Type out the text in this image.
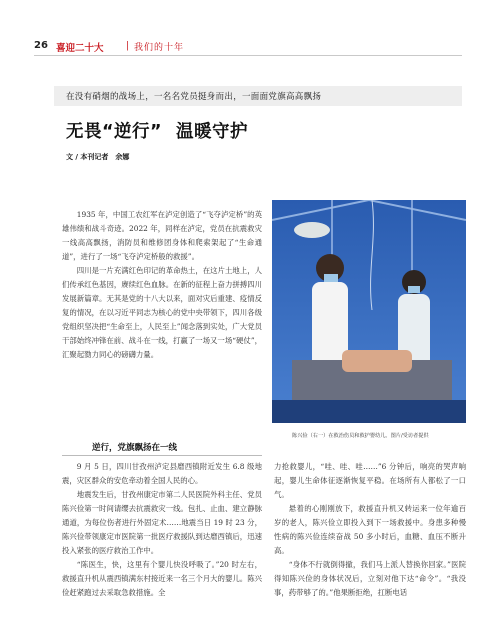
26 喜迎二十大 | 我们的十年
在没有硝烟的战场上，一名名党员挺身而出，一面面党旗高高飘扬
无畏“逆行” 温暖守护
文 / 本刊记者　余娜

1935 年，中国工农红军在泸定创造了“飞夺泸定桥”的英雄伟绩和战斗奇迹。2022 年，同样在泸定，党员在抗震救灾一线高高飘扬，消防员和维修团身体和爬索架起了“生命通道”，进行了一场“飞夺泸定桥般的救援”。

四川是一片充满红色印记的革命热土，在这片土地上，人们传承红色基因，赓续红色血脉。在新的征程上奋力拼搏四川发展新篇章。无其是党的十八大以来，面对灾后重建、疫情反复的情况，在以习近平同志为核心的党中央带领下，四川各级党组织坚决把“生命至上，人民至上”闻念落到实处，广大党员干部始终冲锋在前、战斗在一线，打赢了一场又一场“硬仗”，汇聚起勠力同心的磅礴力量。

陈兴俭（右一）在救治伤员和救护婴幼儿。图片/受访者提供
逆行，党旗飘扬在一线

9 月 5 日，四川甘孜州泸定县磨西镇附近发生 6.8 级地震，灾区群众的安危牵动着全国人民的心。

地震发生后，甘孜州康定市第二人民医院外科主任、党员陈兴俭第一时间请缨去抗震救灾一线。包扎、止血、建立静脉通道，为每位伤者进行外固定术……地震当日 19 时 23 分，陈兴俭带领康定市医院第一批医疗救援队到达磨西镇后，迅速投入紧张的医疗救治工作中。

“陈医生，快，这里有个婴儿快没呼吸了。”20 时左右，救援直升机从震西镇满东村接近来一名三个月大的婴儿。陈兴俭赶紧跑过去采取急救措施。全

力抢救婴儿，“哇、哇、哇……”6 分钟后，响亮的哭声响起，婴儿生命体征逐渐恢复平稳。在场所有人都松了一口气。

悬着的心刚刚放下，救援直升机又转运来一位年逾百岁的老人，陈兴俭立即投入到下一场救援中。身患多种慢性病的陈兴俭连续奋战 50 多小时后，血糖、血压不断升高。

“身体不行就倒得撤，我们马上派人替换你回家。”医院得知陈兴俭的身体状况后，立刻对他下达“命令”。“我没事，药带够了的。”他果断拒绝，扛断电话
